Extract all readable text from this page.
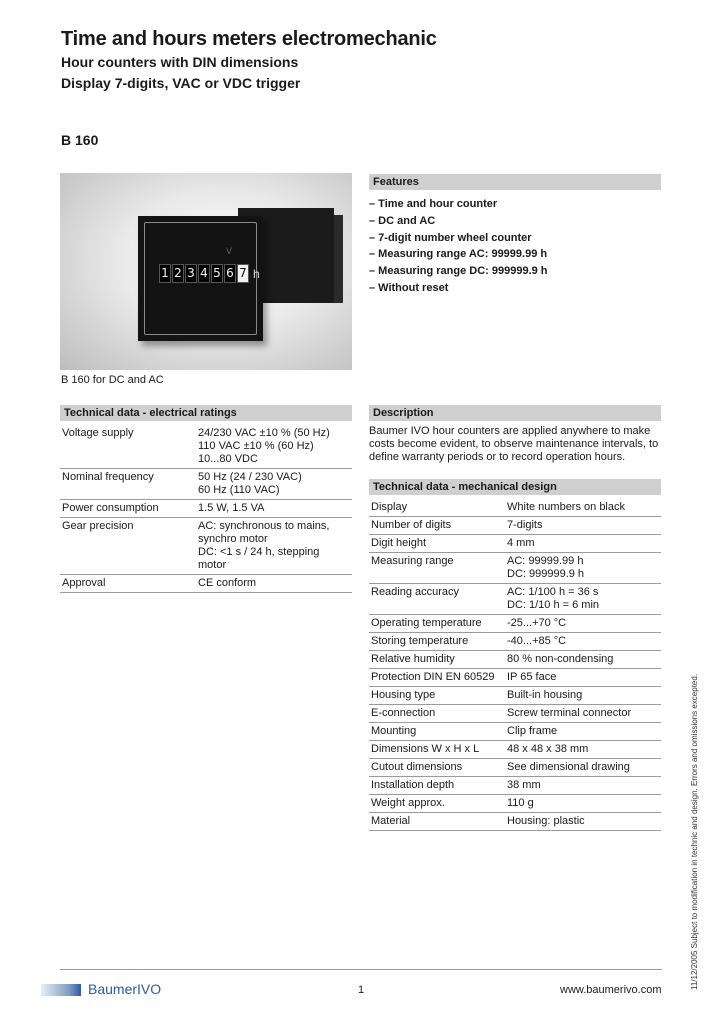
Time and hours meters electromechanic
Hour counters with DIN dimensions
Display 7-digits, VAC or VDC trigger
B 160
V
1 2 3 4 5 6 7 h
B 160 for DC and AC
Features
– Time and hour counter
– DC and AC
– 7-digit number wheel counter
– Measuring range AC: 99999.99 h
– Measuring range DC: 999999.9 h
– Without reset
Technical data - electrical ratings
Voltage supply	24/230 VAC ±10 % (50 Hz)
110 VAC ±10 % (60 Hz)
10...80 VDC
Nominal frequency	50 Hz (24 / 230 VAC)
60 Hz (110 VAC)
Power consumption	1.5 W, 1.5 VA
Gear precision	AC: synchronous to mains,
synchro motor
DC: <1 s / 24 h, stepping motor
Approval	CE conform
Description
Baumer IVO hour counters are applied anywhere to make costs become evident, to observe maintenance intervals, to define warranty periods or to record operation hours.
Technical data - mechanical design
Display	White numbers on black
Number of digits	7-digits
Digit height	4 mm
Measuring range	AC: 99999.99 h
DC: 999999.9 h
Reading accuracy	AC: 1/100 h = 36 s
DC: 1/10 h = 6 min
Operating temperature	-25...+70 °C
Storing temperature	-40...+85 °C
Relative humidity	80 % non-condensing
Protection DIN EN 60529	IP 65 face
Housing type	Built-in housing
E-connection	Screw terminal connector
Mounting	Clip frame
Dimensions W x H x L	48 x 48 x 38 mm
Cutout dimensions	See dimensional drawing
Installation depth	38 mm
Weight approx.	110 g
Material	Housing: plastic
BaumerIVO	1	www.baumerivo.com	11/12/2005 Subject to modification in technic and design. Errors and omissions excepted.
